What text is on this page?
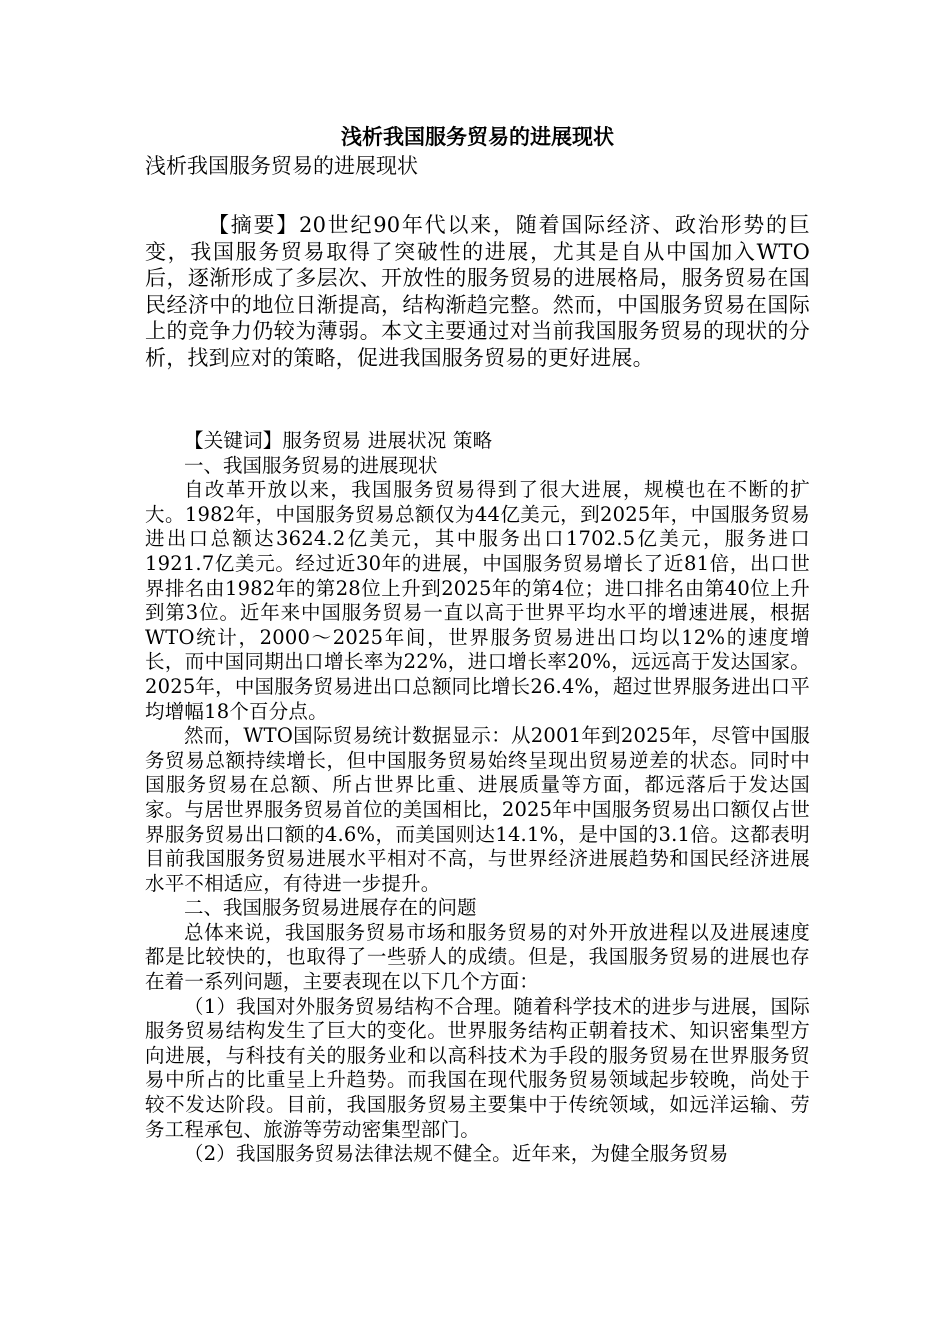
浅析我国服务贸易的进展现状

浅析我国服务贸易的进展现状

【摘要】20世纪90年代以来，随着国际经济、政治形势的巨变，我国服务贸易取得了突破性的进展，尤其是自从中国加入WTO后，逐渐形成了多层次、开放性的服务贸易的进展格局，服务贸易在国民经济中的地位日渐提高，结构渐趋完整。然而，中国服务贸易在国际上的竞争力仍较为薄弱。本文主要通过对当前我国服务贸易的现状的分析，找到应对的策略，促进我国服务贸易的更好进展。

【关键词】服务贸易 进展状况 策略

一、我国服务贸易的进展现状

自改革开放以来，我国服务贸易得到了很大进展，规模也在不断的扩大。1982年，中国服务贸易总额仅为44亿美元，到2025年，中国服务贸易进出口总额达3624.2亿美元，其中服务出口1702.5亿美元，服务进口1921.7亿美元。经过近30年的进展，中国服务贸易增长了近81倍，出口世界排名由1982年的第28位上升到2025年的第4位；进口排名由第40位上升到第3位。近年来中国服务贸易一直以高于世界平均水平的增速进展，根据WTO统计，2000～2025年间，世界服务贸易进出口均以12%的速度增长，而中国同期出口增长率为22%，进口增长率20%，远远高于发达国家。2025年，中国服务贸易进出口总额同比增长26.4%，超过世界服务进出口平均增幅18个百分点。

然而，WTO国际贸易统计数据显示：从2001年到2025年，尽管中国服务贸易总额持续增长，但中国服务贸易始终呈现出贸易逆差的状态。同时中国服务贸易在总额、所占世界比重、进展质量等方面，都远落后于发达国家。与居世界服务贸易首位的美国相比，2025年中国服务贸易出口额仅占世界服务贸易出口额的4.6%，而美国则达14.1%，是中国的3.1倍。这都表明目前我国服务贸易进展水平相对不高，与世界经济进展趋势和国民经济进展水平不相适应，有待进一步提升。

二、我国服务贸易进展存在的问题

总体来说，我国服务贸易市场和服务贸易的对外开放进程以及进展速度都是比较快的，也取得了一些骄人的成绩。但是，我国服务贸易的进展也存在着一系列问题，主要表现在以下几个方面：

（1）我国对外服务贸易结构不合理。随着科学技术的进步与进展，国际服务贸易结构发生了巨大的变化。世界服务结构正朝着技术、知识密集型方向进展，与科技有关的服务业和以高科技术为手段的服务贸易在世界服务贸易中所占的比重呈上升趋势。而我国在现代服务贸易领域起步较晚，尚处于较不发达阶段。目前，我国服务贸易主要集中于传统领域，如远洋运输、劳务工程承包、旅游等劳动密集型部门。

（2）我国服务贸易法律法规不健全。近年来，为健全服务贸易
